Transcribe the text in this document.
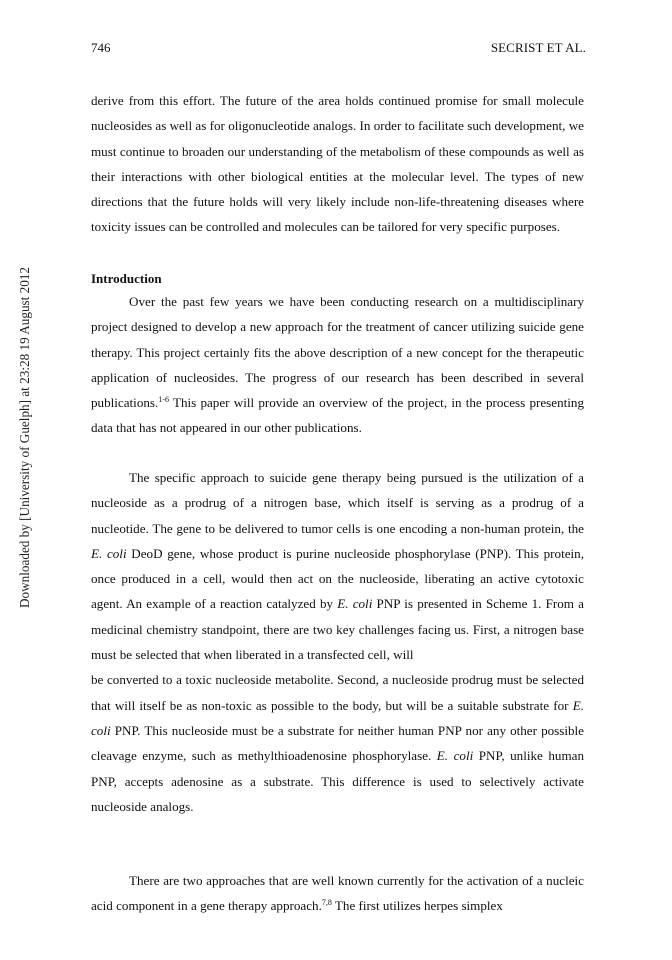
746	SECRIST ET AL.
Downloaded by [University of Guelph] at 23:28 19 August 2012

derive from this effort. The future of the area holds continued promise for small molecule nucleosides as well as for oligonucleotide analogs. In order to facilitate such development, we must continue to broaden our understanding of the metabolism of these compounds as well as their interactions with other biological entities at the molecular level. The types of new directions that the future holds will very likely include non-life-threatening diseases where toxicity issues can be controlled and molecules can be tailored for very specific purposes.

Introduction

Over the past few years we have been conducting research on a multidisciplinary project designed to develop a new approach for the treatment of cancer utilizing suicide gene therapy. This project certainly fits the above description of a new concept for the therapeutic application of nucleosides. The progress of our research has been described in several publications.$^{1-6}$ This paper will provide an overview of the project, in the process presenting data that has not appeared in our other publications.

The specific approach to suicide gene therapy being pursued is the utilization of a nucleoside as a prodrug of a nitrogen base, which itself is serving as a prodrug of a nucleotide. The gene to be delivered to tumor cells is one encoding a non-human protein, the E. coli DeoD gene, whose product is purine nucleoside phosphorylase (PNP). This protein, once produced in a cell, would then act on the nucleoside, liberating an active cytotoxic agent. An example of a reaction catalyzed by E. coli PNP is presented in Scheme 1. From a medicinal chemistry standpoint, there are two key challenges facing us. First, a nitrogen base must be selected that when liberated in a transfected cell, will

be converted to a toxic nucleoside metabolite. Second, a nucleoside prodrug must be selected that will itself be as non-toxic as possible to the body, but will be a suitable substrate for E. coli PNP. This nucleoside must be a substrate for neither human PNP nor any other possible cleavage enzyme, such as methylthioadenosine phosphorylase. E. coli PNP, unlike human PNP, accepts adenosine as a substrate. This difference is used to selectively activate nucleoside analogs.

There are two approaches that are well known currently for the activation of a nucleic acid component in a gene therapy approach.$^{7,8}$ The first utilizes herpes simplex
